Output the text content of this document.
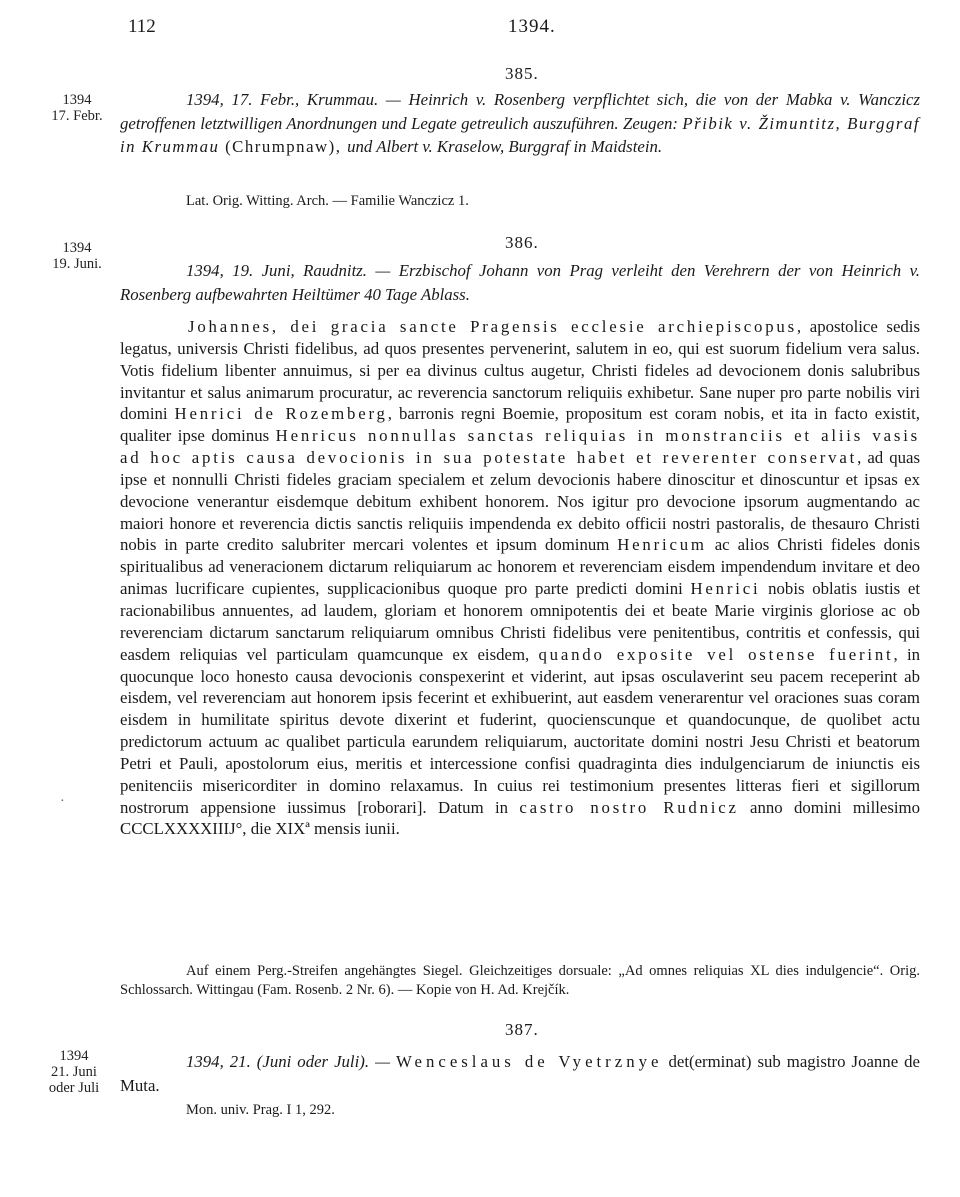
112	1394.
385.
1394
17. Febr.
1394, 17. Febr., Krummau. — Heinrich v. Rosenberg verpflichtet sich, die von der Mabka v. Wanczicz getroffenen letztwilligen Anordnungen und Legate getreulich auszuführen. Zeugen: Přibik v. Žimuntitz, Burggraf in Krummau (Chrumpnaw), und Albert v. Kraselow, Burggraf in Maidstein.
Lat. Orig. Witting. Arch. — Familie Wanczicz 1.
386.
1394
19. Juni.	1394, 19. Juni, Raudnitz. — Erzbischof Johann von Prag verleiht den Verehrern der von Heinrich v. Rosenberg aufbewahrten Heiltümer 40 Tage Ablass.
Johannes, dei gracia sancte Pragensis ecclesie archiepiscopus, apostolice sedis legatus, universis Christi fidelibus, ad quos presentes pervenerint, salutem in eo, qui est suorum fidelium vera salus. Votis fidelium libenter annuimus, si per ea divinus cultus augetur, Christi fideles ad devocionem donis salubribus invitantur et salus animarum procuratur, ac reverencia sanctorum reliquiis exhibetur. Sane nuper pro parte nobilis viri domini Henrici de Rozemberg, barronis regni Boemie, propositum est coram nobis, et ita in facto existit, qualiter ipse dominus Henricus nonnullas sanctas reliquias in monstranciis et aliis vasis ad hoc aptis causa devocionis in sua potestate habet et reverenter conservat, ad quas ipse et nonnulli Christi fideles graciam specialem et zelum devocionis habere dinoscitur et dinoscuntur et ipsas ex devocione venerantur eisdemque debitum exhibent honorem. Nos igitur pro devocione ipsorum augmentando ac maiori honore et reverencia dictis sanctis reliquiis impendenda ex debito officii nostri pastoralis, de thesauro Christi nobis in parte credito salubriter mercari volentes et ipsum dominum Henricum ac alios Christi fideles donis spiritualibus ad veneracionem dictarum reliquiarum ac honorem et reverenciam eisdem impendendum invitare et deo animas lucrificare cupientes, supplicacionibus quoque pro parte predicti domini Henrici nobis oblatis iustis et racionabilibus annuentes, ad laudem, gloriam et honorem omnipotentis dei et beate Marie virginis gloriose ac ob reverenciam dictarum sanctarum reliquiarum omnibus Christi fidelibus vere penitentibus, contritis et confessis, qui easdem reliquias vel particulam quamcunque ex eisdem, quando exposite vel ostense fuerint, in quocunque loco honesto causa devocionis conspexerint et viderint, aut ipsas osculaverint seu pacem receperint ab eisdem, vel reverenciam aut honorem ipsis fecerint et exhibuerint, aut easdem venerarentur vel oraciones suas coram eisdem in humilitate spiritus devote dixerint et fuderint, quociensсunque et quandocunque, de quolibet actu predictorum actuum ac qualibet particula earundem reliquiarum, auctoritate domini nostri Jesu Christi et beatorum Petri et Pauli, apostolorum eius, meritis et intercessione confisi quadraginta dies indulgenciarum de iniunctis eis penitenciis misericorditer in domino relaxamus. In cuius rei testimonium presentes litteras fieri et sigillorum nostrorum appensione iussimus [roborari]. Datum in castro nostro Rudnicz anno domini millesimo CCCLXXXXIIIJ°, die XIXª mensis iunii.
Auf einem Perg.-Streifen angehängtes Siegel. Gleichzeitiges dorsuale: „Ad omnes reliquias XL dies indulgencie“. Orig. Schlossarch. Wittingau (Fam. Rosenb. 2 Nr. 6). — Kopie von H. Ad. Krejčík.
·
387.
1394
21. Juni
oder Juli
1394, 21. (Juni oder Juli). — Wenceslaus de Vyetrznye det(erminat) sub magistro Joanne de Muta.
Mon. univ. Prag. I 1, 292.
